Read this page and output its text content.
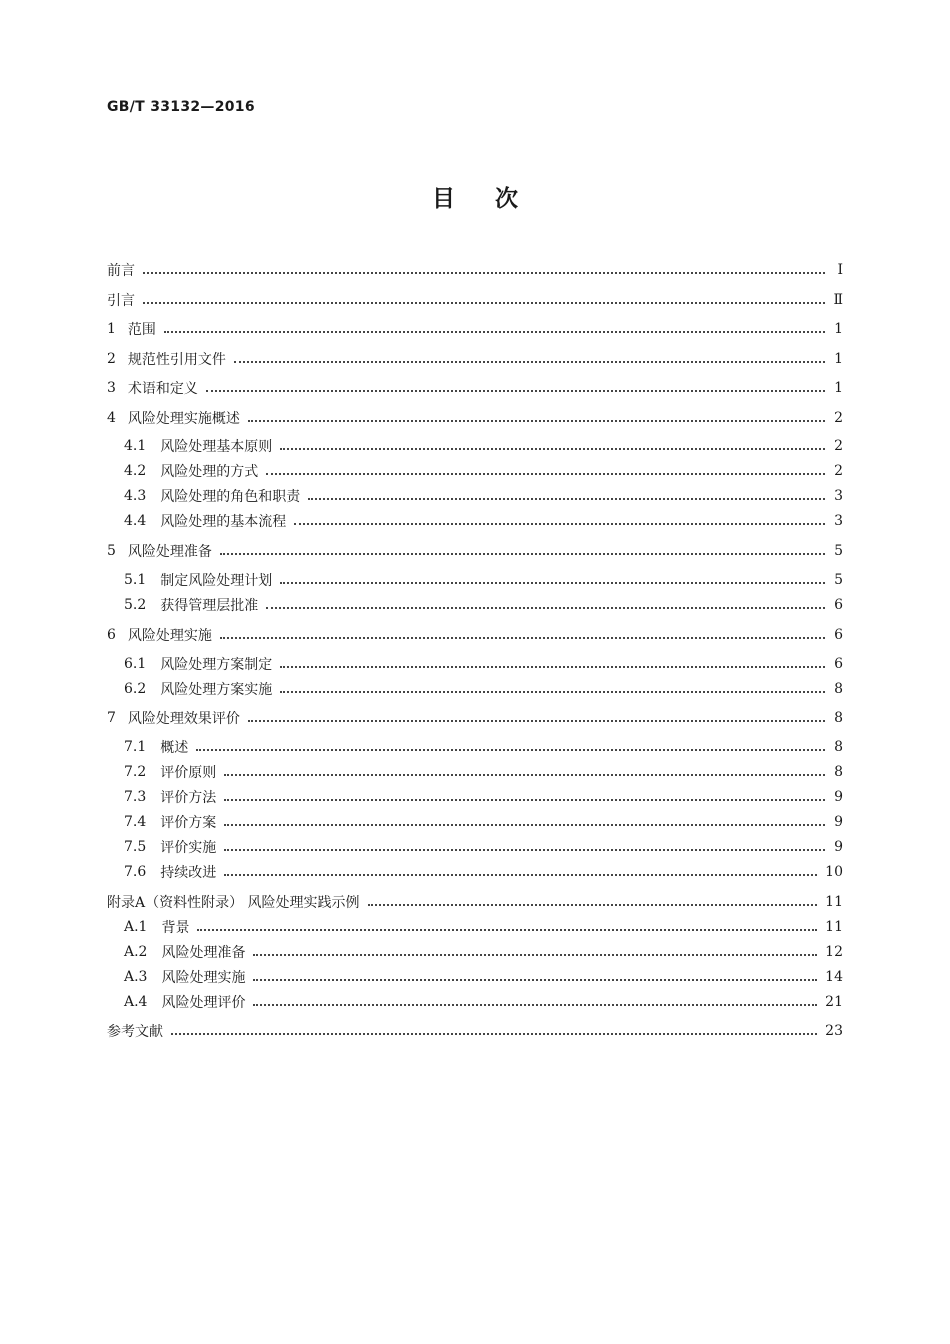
GB/T 33132—2016
目次
前言	Ⅰ
引言	Ⅱ
1 范围	1
2 规范性引用文件	1
3 术语和定义	1
4 风险处理实施概述	2
4.1 风险处理基本原则	2
4.2 风险处理的方式	2
4.3 风险处理的角色和职责	3
4.4 风险处理的基本流程	3
5 风险处理准备	5
5.1 制定风险处理计划	5
5.2 获得管理层批准	6
6 风险处理实施	6
6.1 风险处理方案制定	6
6.2 风险处理方案实施	8
7 风险处理效果评价	8
7.1 概述	8
7.2 评价原则	8
7.3 评价方法	9
7.4 评价方案	9
7.5 评价实施	9
7.6 持续改进	10
附录A（资料性附录） 风险处理实践示例	11
A.1 背景	11
A.2 风险处理准备	12
A.3 风险处理实施	14
A.4 风险处理评价	21
参考文献	23
